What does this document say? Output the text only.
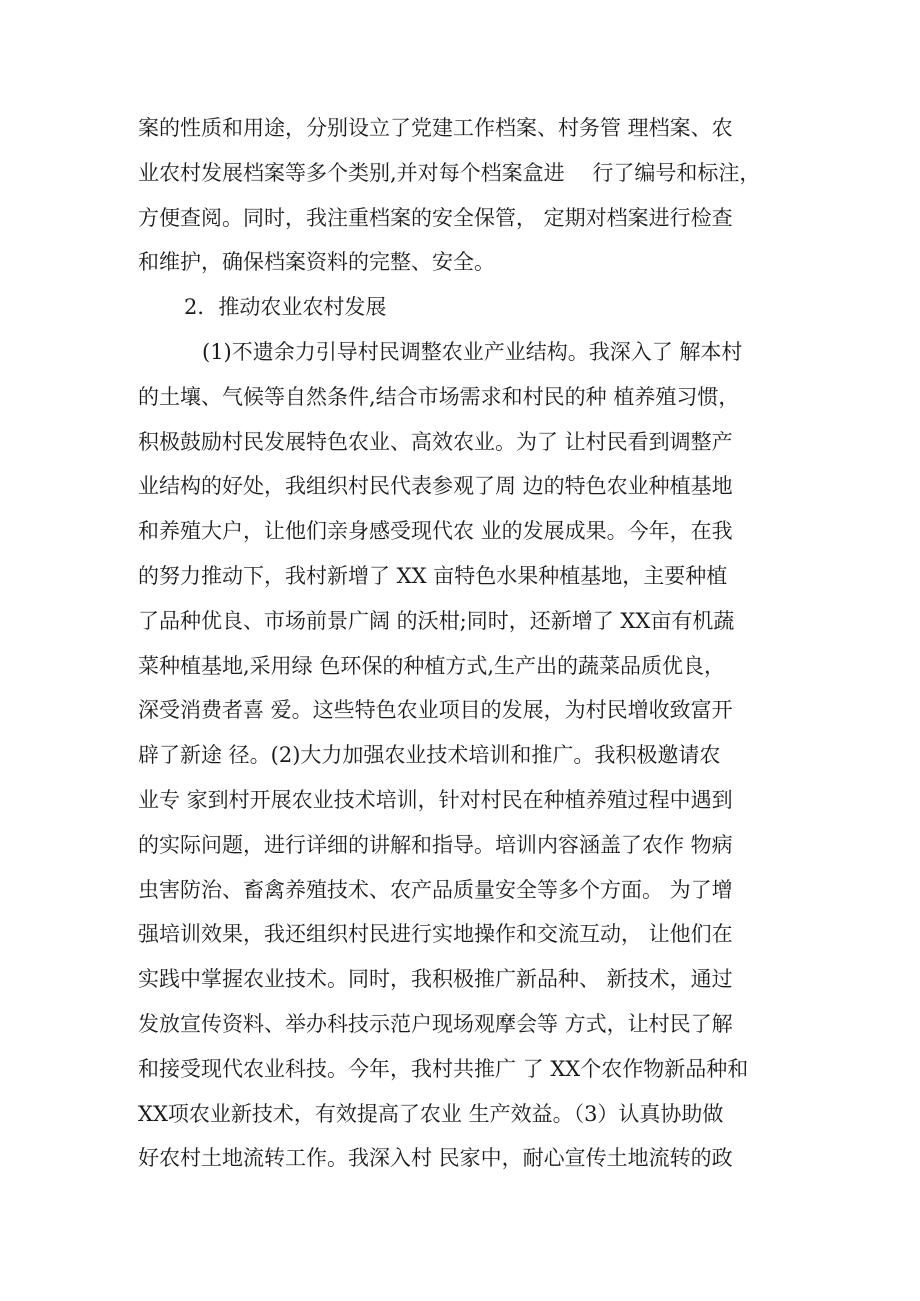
案的性质和用途，分别设立了党建工作档案、村务管 理档案、农
业农村发展档案等多个类别,并对每个档案盒进　 行了编号和标注，
方便查阅。同时，我注重档案的安全保管， 定期对档案进行检查
和维护，确保档案资料的完整、安全。
2．推动农业农村发展
(1)不遗余力引导村民调整农业产业结构。我深入了 解本村
的土壤、气候等自然条件,结合市场需求和村民的种 植养殖习惯，
积极鼓励村民发展特色农业、高效农业。为了 让村民看到调整产
业结构的好处，我组织村民代表参观了周 边的特色农业种植基地
和养殖大户，让他们亲身感受现代农 业的发展成果。今年，在我
的努力推动下，我村新增了 XX 亩特色水果种植基地，主要种植
了品种优良、市场前景广阔 的沃柑;同时，还新增了 XX亩有机蔬
菜种植基地,采用绿 色环保的种植方式,生产出的蔬菜品质优良，
深受消费者喜 爱。这些特色农业项目的发展，为村民增收致富开
辟了新途 径。(2)大力加强农业技术培训和推广。我积极邀请农
业专 家到村开展农业技术培训，针对村民在种植养殖过程中遇到
的实际问题，进行详细的讲解和指导。培训内容涵盖了农作 物病
虫害防治、畜禽养殖技术、农产品质量安全等多个方面。 为了增
强培训效果，我还组织村民进行实地操作和交流互动， 让他们在
实践中掌握农业技术。同时，我积极推广新品种、 新技术，通过
发放宣传资料、举办科技示范户现场观摩会等 方式，让村民了解
和接受现代农业科技。今年，我村共推广 了 XX个农作物新品种和
XX项农业新技术，有效提高了农业 生产效益。（3）认真协助做
好农村土地流转工作。我深入村 民家中，耐心宣传土地流转的政
